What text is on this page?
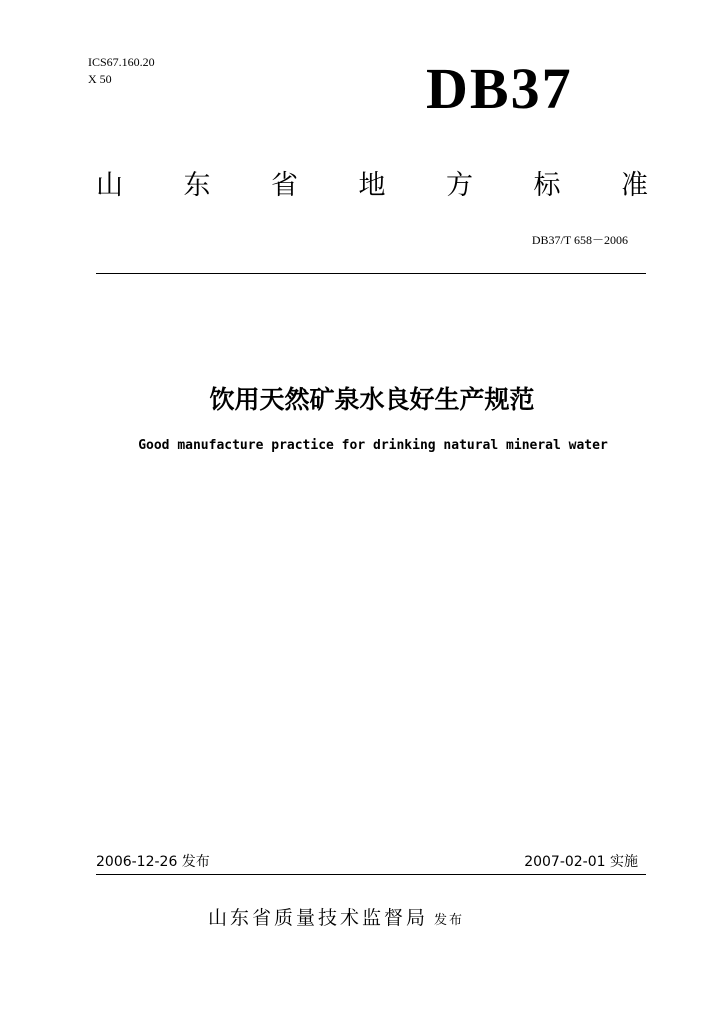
ICS67.160.20
X 50	DB37
山 东 省 地 方 标 准
DB37/T 658－2006
饮用天然矿泉水良好生产规范
Good manufacture practice for drinking natural mineral water
2006-12-26 发布	2007-02-01 实施
山东省质量技术监督局 发布
